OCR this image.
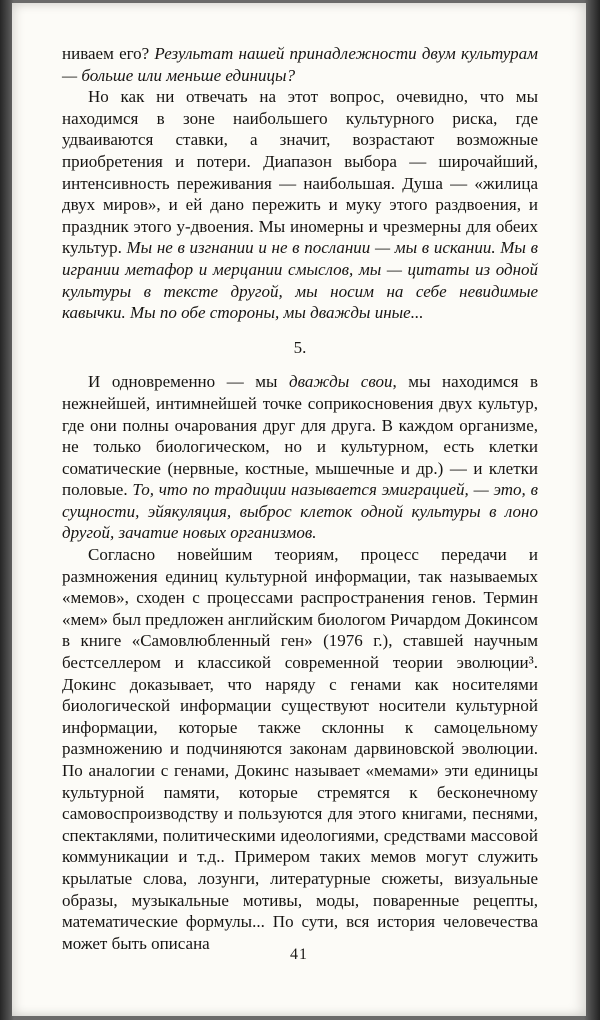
ниваем его? Результат нашей принадлежности двум культурам — больше или меньше единицы?

Но как ни отвечать на этот вопрос, очевидно, что мы находимся в зоне наибольшего культурного риска, где удваиваются ставки, а значит, возрастают возможные приобретения и потери. Диапазон выбора — широчайший, интенсивность переживания — наибольшая. Душа — «жилица двух миров», и ей дано пережить и муку этого раздвоения, и праздник этого у-двоения. Мы иномерны и чрезмерны для обеих культур. Мы не в изгнании и не в послании — мы в искании. Мы в игрании метафор и мерцании смыслов, мы — цитаты из одной культуры в тексте другой, мы носим на себе невидимые кавычки. Мы по обе стороны, мы дважды иные...

5.

И одновременно — мы дважды свои, мы находимся в нежнейшей, интимнейшей точке соприкосновения двух культур, где они полны очарования друг для друга. В каждом организме, не только биологическом, но и культурном, есть клетки соматические (нервные, костные, мышечные и др.) — и клетки половые. То, что по традиции называется эмиграцией, — это, в сущности, эйякуляция, выброс клеток одной культуры в лоно другой, зачатие новых организмов.

Согласно новейшим теориям, процесс передачи и размножения единиц культурной информации, так называемых «мемов», сходен с процессами распространения генов. Термин «мем» был предложен английским биологом Ричардом Докинсом в книге «Самовлюбленный ген» (1976 г.), ставшей научным бестселлером и классикой современной теории эволюции³. Докинс доказывает, что наряду с генами как носителями биологической информации существуют носители культурной информации, которые также склонны к самоцельному размножению и подчиняются законам дарвиновской эволюции. По аналогии с генами, Докинс называет «мемами» эти единицы культурной памяти, которые стремятся к бесконечному самовоспроизводству и пользуются для этого книгами, песнями, спектаклями, политическими идеологиями, средствами массовой коммуникации и т.д.. Примером таких мемов могут служить крылатые слова, лозунги, литературные сюжеты, визуальные образы, музыкальные мотивы, моды, поваренные рецепты, математические формулы... По сути, вся история человечества может быть описана

41
